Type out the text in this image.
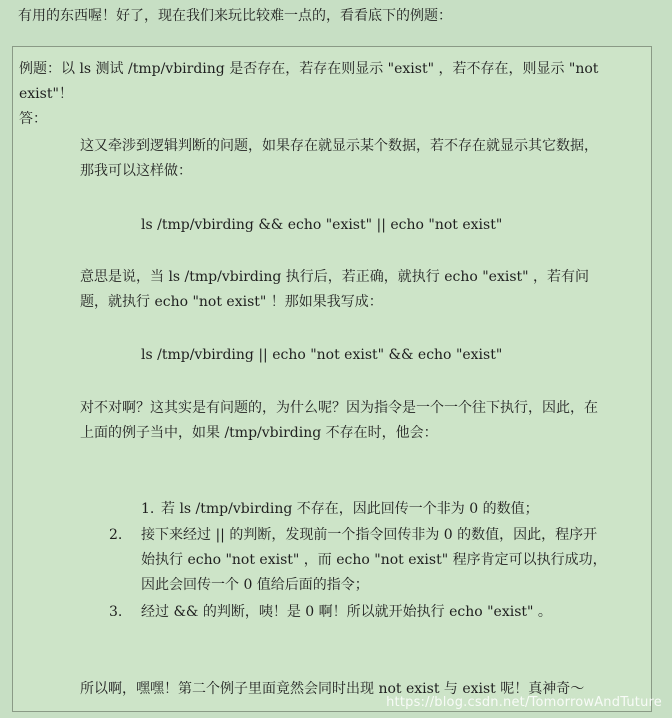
有用的东西喔！好了，现在我们来玩比较难一点的，看看底下的例题：
例题：以 ls 测试 /tmp/vbirding 是否存在，若存在则显示 "exist" ，若不存在，则显示 "not
exist"！
答：
这又牵涉到逻辑判断的问题，如果存在就显示某个数据，若不存在就显示其它数据，
那我可以这样做：
ls /tmp/vbirding && echo "exist" || echo "not exist"
意思是说，当 ls /tmp/vbirding 执行后，若正确，就执行 echo "exist" ，若有问
题，就执行 echo "not exist" ！那如果我写成：
ls /tmp/vbirding || echo "not exist" && echo "exist"
对不对啊？这其实是有问题的，为什么呢？因为指令是一个一个往下执行，因此，在
上面的例子当中，如果 /tmp/vbirding 不存在时，他会：
1. 若 ls /tmp/vbirding 不存在，因此回传一个非为 0 的数值；
2. 接下来经过 || 的判断，发现前一个指令回传非为 0 的数值，因此，程序开
始执行 echo "not exist" ，而 echo "not exist" 程序肯定可以执行成功，
因此会回传一个 0 值给后面的指令；
3. 经过 && 的判断，咦！是 0 啊！所以就开始执行 echo "exist" 。
所以啊，嘿嘿！第二个例子里面竟然会同时出现 not exist 与 exist 呢！真神奇～
https://blog.csdn.net/TomorrowAndTuture
